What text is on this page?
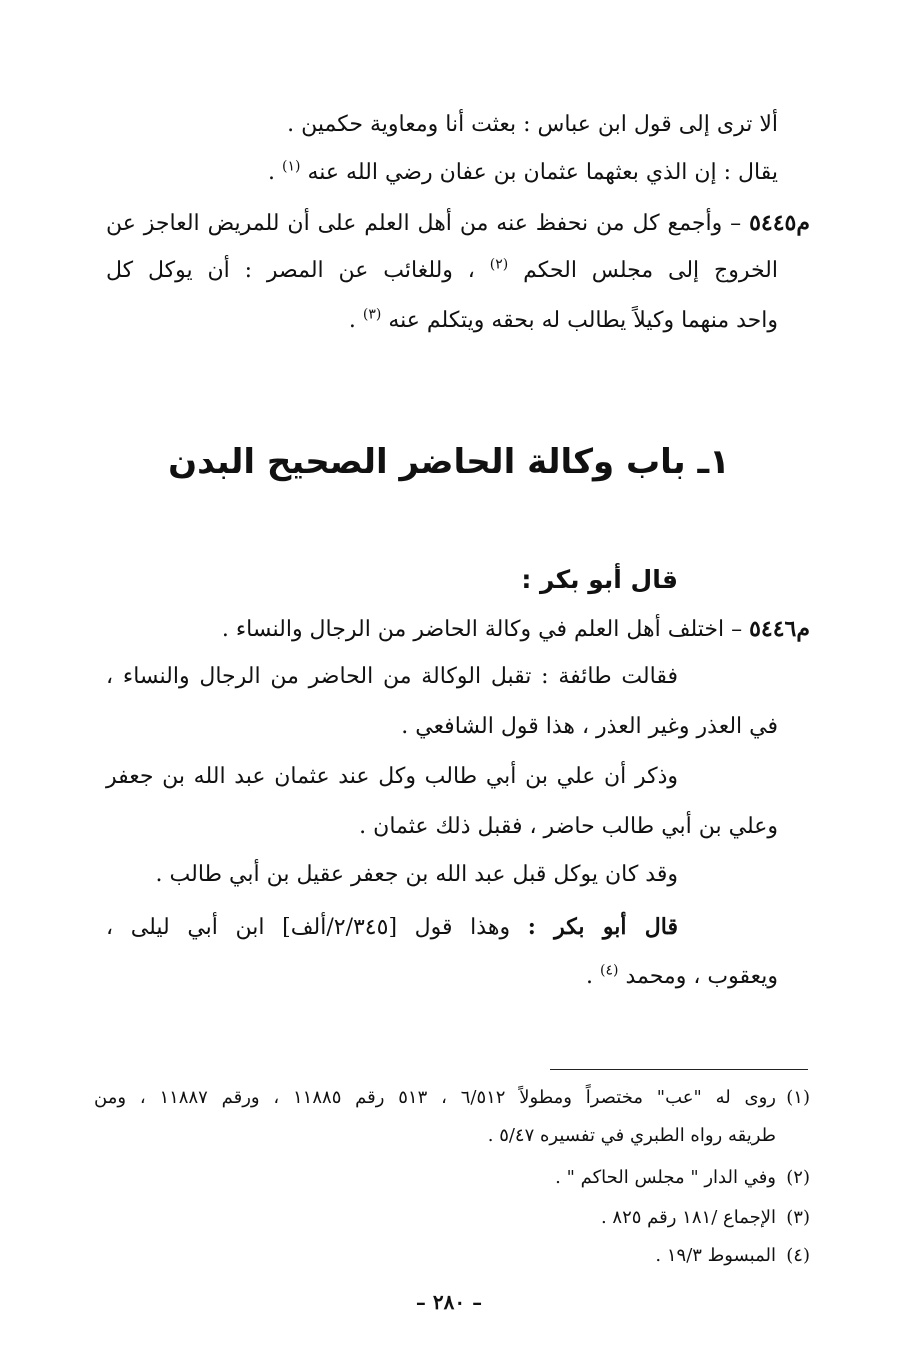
ألا ترى إلى قول ابن عباس : بعثت أنا ومعاوية حكمين .

يقال : إن الذي بعثهما عثمان بن عفان رضي الله عنه $^{(١)}$ .

م٥٤٤٥ – وأجمع كل من نحفظ عنه من أهل العلم على أن للمريض العاجز عن

الخروج إلى مجلس الحكم $^{(٢)}$ ، وللغائب عن المصر : أن يوكل كل

واحد منهما وكيلاً يطالب له بحقه ويتكلم عنه $^{(٣)}$ .

١ـ باب وكالة الحاضر الصحيح البدن
قال أبو بكر :

م٥٤٤٦ – اختلف أهل العلم في وكالة الحاضر من الرجال والنساء .

فقالت طائفة : تقبل الوكالة من الحاضر من الرجال والنساء ،

في العذر وغير العذر ، هذا قول الشافعي .

وذكر أن علي بن أبي طالب وكل عند عثمان عبد الله بن جعفر

وعلي بن أبي طالب حاضر ، فقبل ذلك عثمان .

وقد كان يوكل قبل عبد الله بن جعفر عقيل بن أبي طالب .

قال أبو بكر : وهذا قول [٢/٣٤٥/ألف] ابن أبي ليلى ،

ويعقوب ، ومحمد $^{(٤)}$ .

(١)روى له "عب" مختصراً ومطولاً ٦/٥١٢ ، ٥١٣ رقم ١١٨٨٥ ، ورقم ١١٨٨٧ ، ومن
طريقه رواه الطبري في تفسيره ٥/٤٧ .
(٢)وفي الدار " مجلس الحاكم " .
(٣)الإجماع /١٨١ رقم ٨٢٥ .
(٤)المبسوط ١٩/٣ .
– ٢٨٠ –
